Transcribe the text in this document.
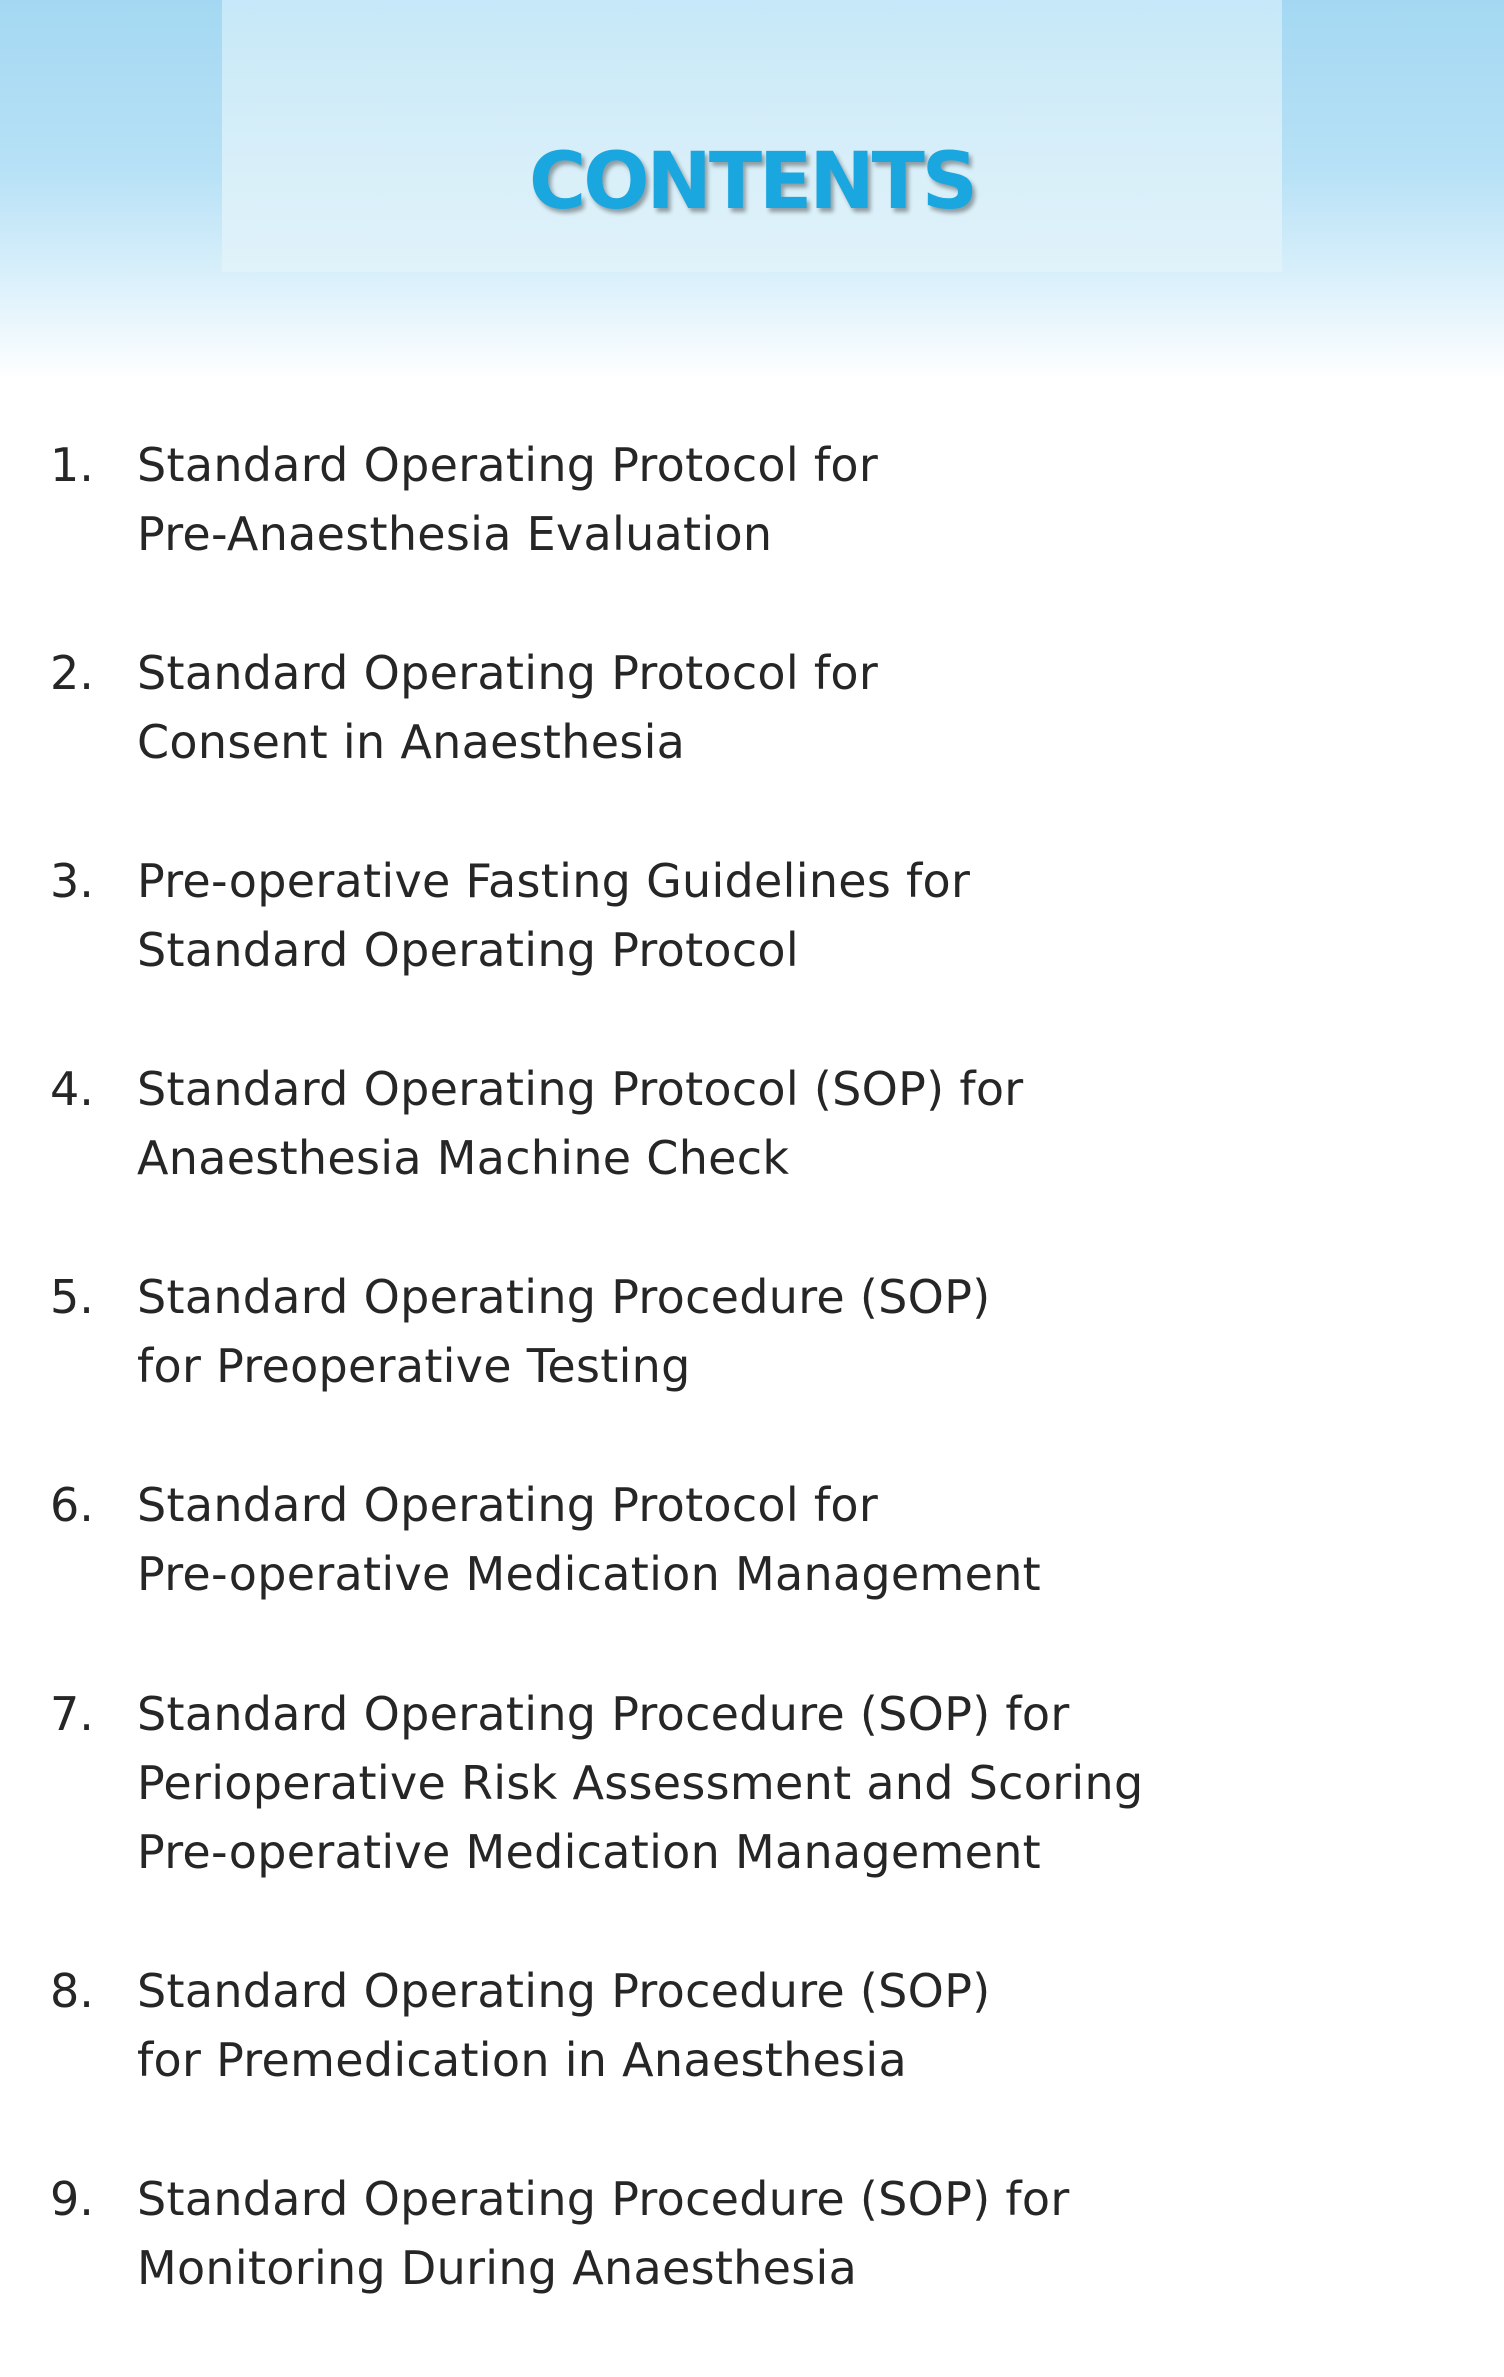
CONTENTS
1. Standard Operating Protocol for
Pre-Anaesthesia Evaluation
2. Standard Operating Protocol for
Consent in Anaesthesia
3. Pre-operative Fasting Guidelines for
Standard Operating Protocol
4. Standard Operating Protocol (SOP) for
Anaesthesia Machine Check
5. Standard Operating Procedure (SOP)
for Preoperative Testing
6. Standard Operating Protocol for
Pre-operative Medication Management
7. Standard Operating Procedure (SOP) for
Perioperative Risk Assessment and Scoring
Pre-operative Medication Management
8. Standard Operating Procedure (SOP)
for Premedication in Anaesthesia
9. Standard Operating Procedure (SOP) for
Monitoring During Anaesthesia
